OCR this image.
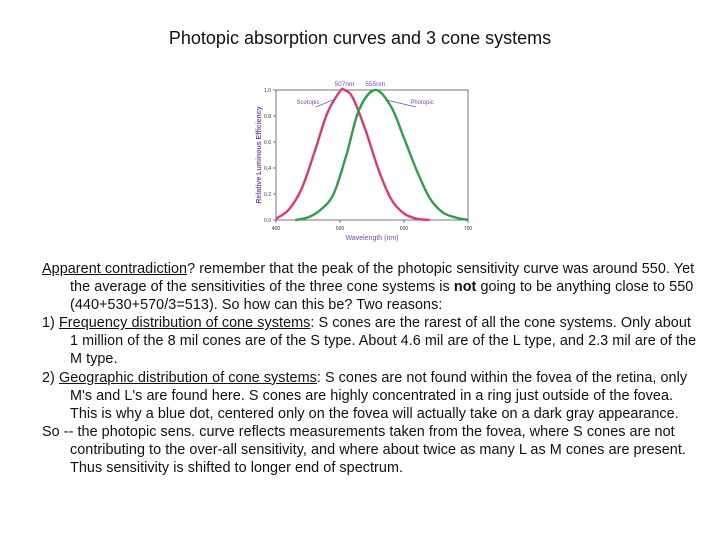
Photopic absorption curves and 3 cone systems
1.0
0.8
0.6
0.4
0.2
0.0
400	500	600	700
Wavelength (nm)
Relative Luminous Efficiency
507nm 555nm
Scotopic	Photopic

Apparent contradiction? remember that the peak of the photopic sensitivity curve was around 550. Yet the average of the sensitivities of the three cone systems is not going to be anything close to 550 (440+530+570/3=513). So how can this be? Two reasons:

1) Frequency distribution of cone systems: S cones are the rarest of all the cone systems. Only about 1 million of the 8 mil cones are of the S type. About 4.6 mil are of the L type, and 2.3 mil are of the M type.

2) Geographic distribution of cone systems: S cones are not found within the fovea of the retina, only M's and L's are found here. S cones are highly concentrated in a ring just outside of the fovea. This is why a blue dot, centered only on the fovea will actually take on a dark gray appearance.

So -- the photopic sens. curve reflects measurements taken from the fovea, where S cones are not contributing to the over-all sensitivity, and where about twice as many L as M cones are present. Thus sensitivity is shifted to longer end of spectrum.
